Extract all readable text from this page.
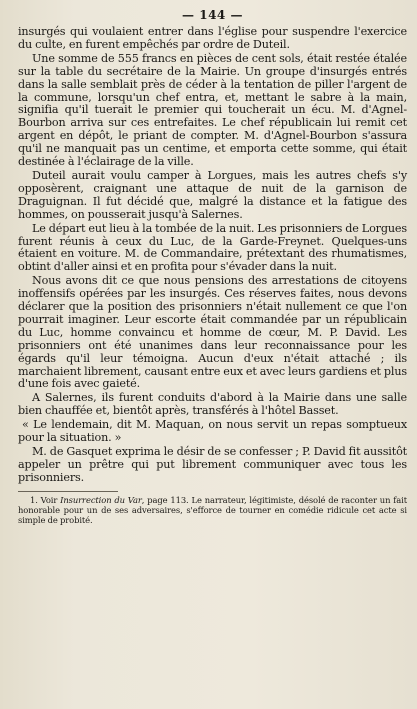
— 144 —

insurgés qui voulaient entrer dans l'église pour suspendre l'exercice du culte, en furent empêchés par ordre de Duteil.

Une somme de 555 francs en pièces de cent sols, était restée étalée sur la table du secrétaire de la Mairie. Un groupe d'insurgés entrés dans la salle semblait près de céder à la tentation de piller l'argent de la commune, lorsqu'un chef entra, et, mettant le sabre à la main, signifia qu'il tuerait le premier qui toucherait un écu. M. d'Agnel-Bourbon arriva sur ces entrefaites. Le chef républicain lui remit cet argent en dépôt, le priant de compter. M. d'Agnel-Bourbon s'assura qu'il ne manquait pas un centime, et emporta cette somme, qui était destinée à l'éclairage de la ville.

Duteil aurait voulu camper à Lorgues, mais les autres chefs s'y opposèrent, craignant une attaque de nuit de la garnison de Draguignan. Il fut décidé que, malgré la distance et la fatigue des hommes, on pousserait jusqu'à Salernes.

Le départ eut lieu à la tombée de la nuit. Les prisonniers de Lorgues furent réunis à ceux du Luc, de la Garde-Freynet. Quelques-uns étaient en voiture. M. de Commandaire, prétextant des rhumatismes, obtint d'aller ainsi et en profita pour s'évader dans la nuit.

Nous avons dit ce que nous pensions des arrestations de citoyens inoffensifs opérées par les insurgés. Ces réserves faites, nous devons déclarer que la position des prisonniers n'était nullement ce que l'on pourrait imaginer. Leur escorte était commandée par un républicain du Luc, homme convaincu et homme de cœur, M. P. David. Les prisonniers ont été unanimes dans leur reconnaissance pour les égards qu'il leur témoigna. Aucun d'eux n'était attaché ; ils marchaient librement, causant entre eux et avec leurs gardiens et plus d'une fois avec gaieté.

A Salernes, ils furent conduits d'abord à la Mairie dans une salle bien chauffée et, bientôt après, transférés à l'hôtel Basset.

« Le lendemain, dit M. Maquan, on nous servit un repas somptueux pour la situation. »

M. de Gasquet exprima le désir de se confesser ; P. David fit aussitôt appeler un prêtre qui put librement communiquer avec tous les prisonniers.

1. Voir Insurrection du Var, page 113. Le narrateur, légitimiste, désolé de raconter un fait honorable pour un de ses adversaires, s'efforce de tourner en comédie ridicule cet acte si simple de probité.
